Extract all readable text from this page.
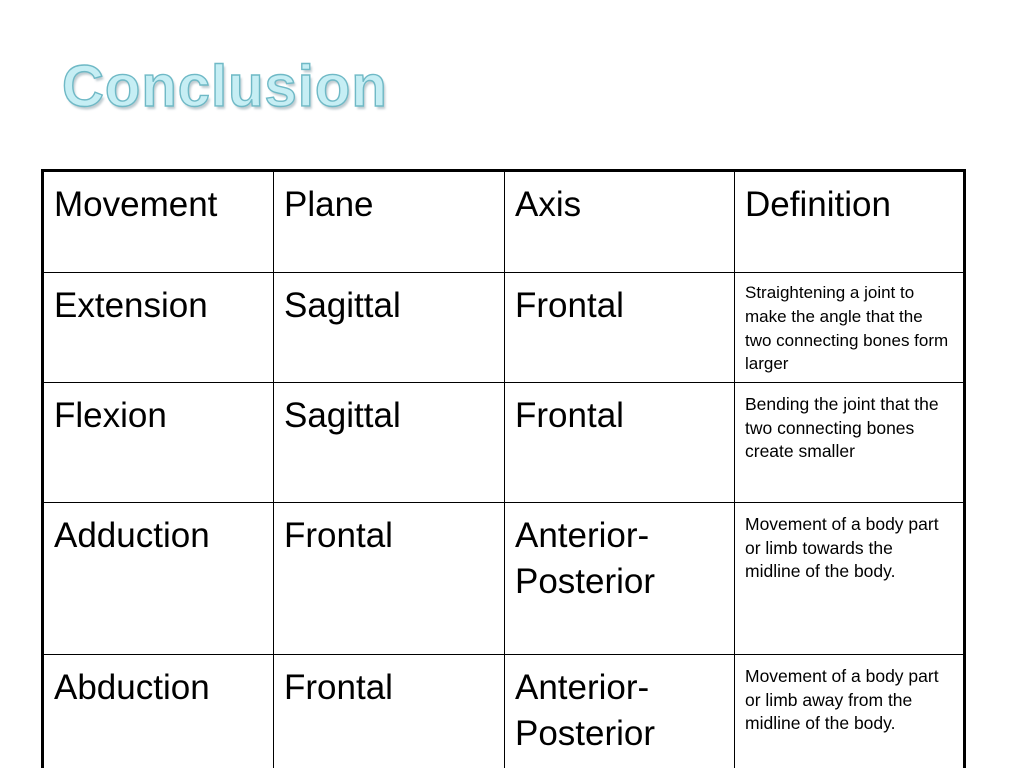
Conclusion
Movement	Plane	Axis	Definition
Extension	Sagittal	Frontal	Straightening a joint to make the angle that the two connecting bones form larger
Flexion	Sagittal	Frontal	Bending the joint that the two connecting bones create smaller
Adduction	Frontal	Anterior-Posterior	Movement of a body part or limb towards the midline of the body.
Abduction	Frontal	Anterior-Posterior	Movement of a body part or limb away from the midline of the body.
